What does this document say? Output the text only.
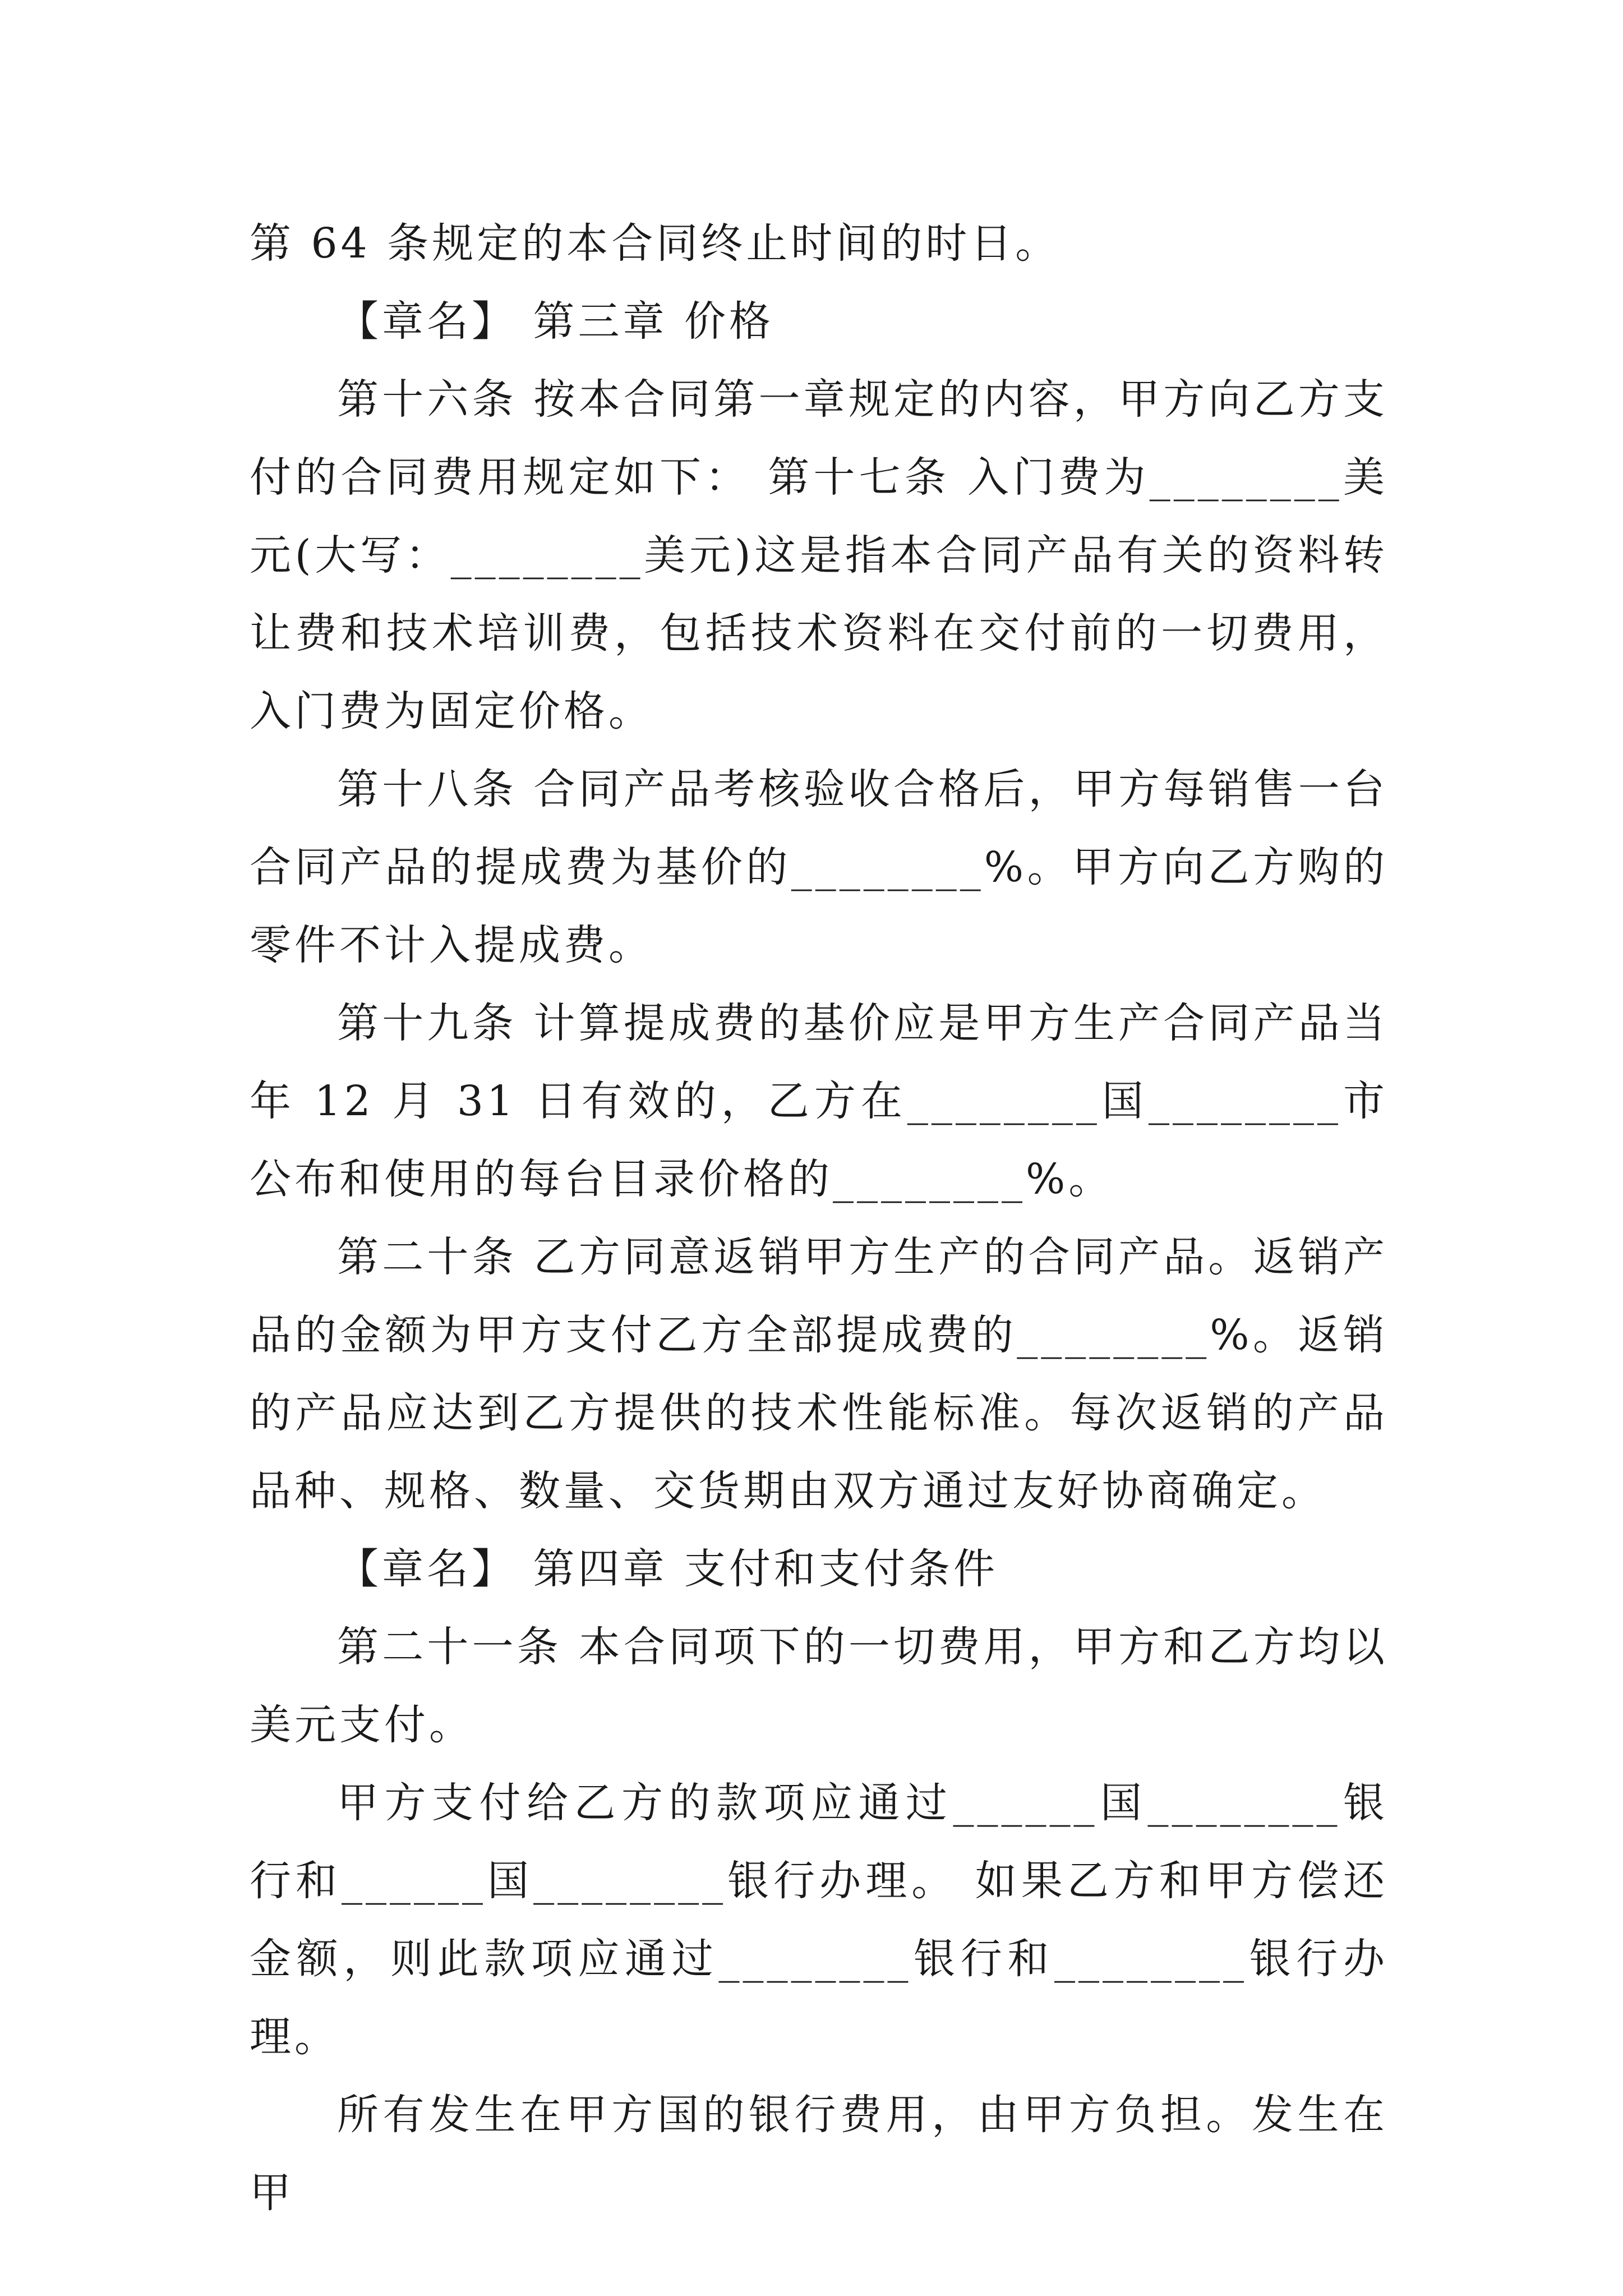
第 64 条规定的本合同终止时间的时日。

【章名】 第三章 价格

第十六条 按本合同第一章规定的内容，甲方向乙方支付的合同费用规定如下： 第十七条 入门费为________美元(大写：________美元)这是指本合同产品有关的资料转让费和技术培训费，包括技术资料在交付前的一切费用，入门费为固定价格。

第十八条 合同产品考核验收合格后，甲方每销售一台合同产品的提成费为基价的________%。甲方向乙方购的零件不计入提成费。

第十九条 计算提成费的基价应是甲方生产合同产品当年 12 月 31 日有效的，乙方在________国________市公布和使用的每台目录价格的________%。

第二十条 乙方同意返销甲方生产的合同产品。返销产品的金额为甲方支付乙方全部提成费的________%。返销的产品应达到乙方提供的技术性能标准。每次返销的产品品种、规格、数量、交货期由双方通过友好协商确定。

【章名】 第四章 支付和支付条件

第二十一条 本合同项下的一切费用，甲方和乙方均以美元支付。

甲方支付给乙方的款项应通过______国________银行和______国________银行办理。 如果乙方和甲方偿还金额，则此款项应通过________银行和________银行办理。

所有发生在甲方国的银行费用，由甲方负担。发生在甲
